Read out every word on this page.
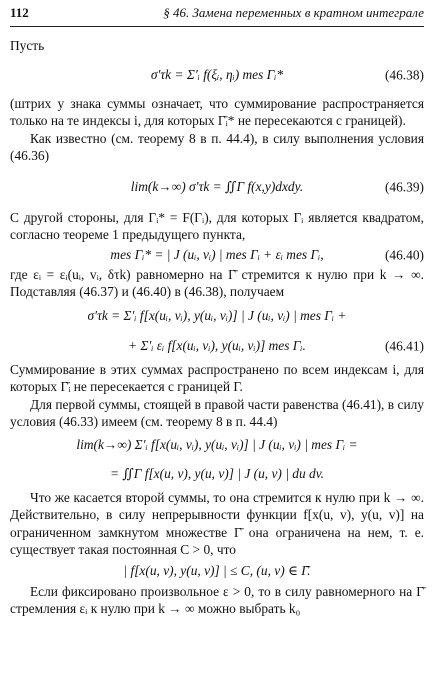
112	§ 46. Замена переменных в кратном интеграле

Пусть

σ′τk = Σ′ᵢ f(ξᵢ, ηᵢ) mes Γᵢ*	(46.38)

(штрих у знака суммы означает, что суммирование распространяется только на те индексы i, для которых Γ̄ᵢ* не пересекаются с границей).

Как известно (см. теорему 8 в п. 44.4), в силу выполнения условия (46.36)

lim(k→∞) σ′τk = ∬Γ f(x,y)dxdy.	(46.39)

С другой стороны, для Γᵢ* = F(Γᵢ), для которых Γᵢ является квадратом, согласно теореме 1 предыдущего пункта,

mes Γᵢ* = | J (uᵢ, vᵢ) | mes Γᵢ + εᵢ mes Γᵢ,	(46.40)

где εᵢ = εᵢ(uᵢ, vᵢ, δτk) равномерно на Γ̄ стремится к нулю при k → ∞. Подставляя (46.37) и (46.40) в (46.38), получаем

σ′τk = Σ′ᵢ f[x(uᵢ, vᵢ), y(uᵢ, vᵢ)] | J (uᵢ, vᵢ) | mes Γᵢ +
+ Σ′ᵢ εᵢ f[x(uᵢ, vᵢ), y(uᵢ, vᵢ)] mes Γᵢ.	(46.41)

Суммирование в этих суммах распространено по всем индексам i, для которых Γ̄ᵢ не пересекается с границей Γ.

Для первой суммы, стоящей в правой части равенства (46.41), в силу условия (46.33) имеем (см. теорему 8 в п. 44.4)

lim(k→∞) Σ′ᵢ f[x(uᵢ, vᵢ), y(uᵢ, vᵢ)] | J (uᵢ, vᵢ) | mes Γᵢ =
= ∬Γ f[x(u, v), y(u, v)] | J (u, v) | du dv.

Что же касается второй суммы, то она стремится к нулю при k → ∞. Действительно, в силу непрерывности функции f[x(u, v), y(u, v)] на ограниченном замкнутом множестве Γ̄ она ограничена на нем, т. е. существует такая постоянная C > 0, что

| f[x(u, v), y(u, v)] | ≤ C, (u, v) ∈ Γ̄.

Если фиксировано произвольное ε > 0, то в силу равномерного на Γ̄ стремления εᵢ к нулю при k → ∞ можно выбрать k₀
